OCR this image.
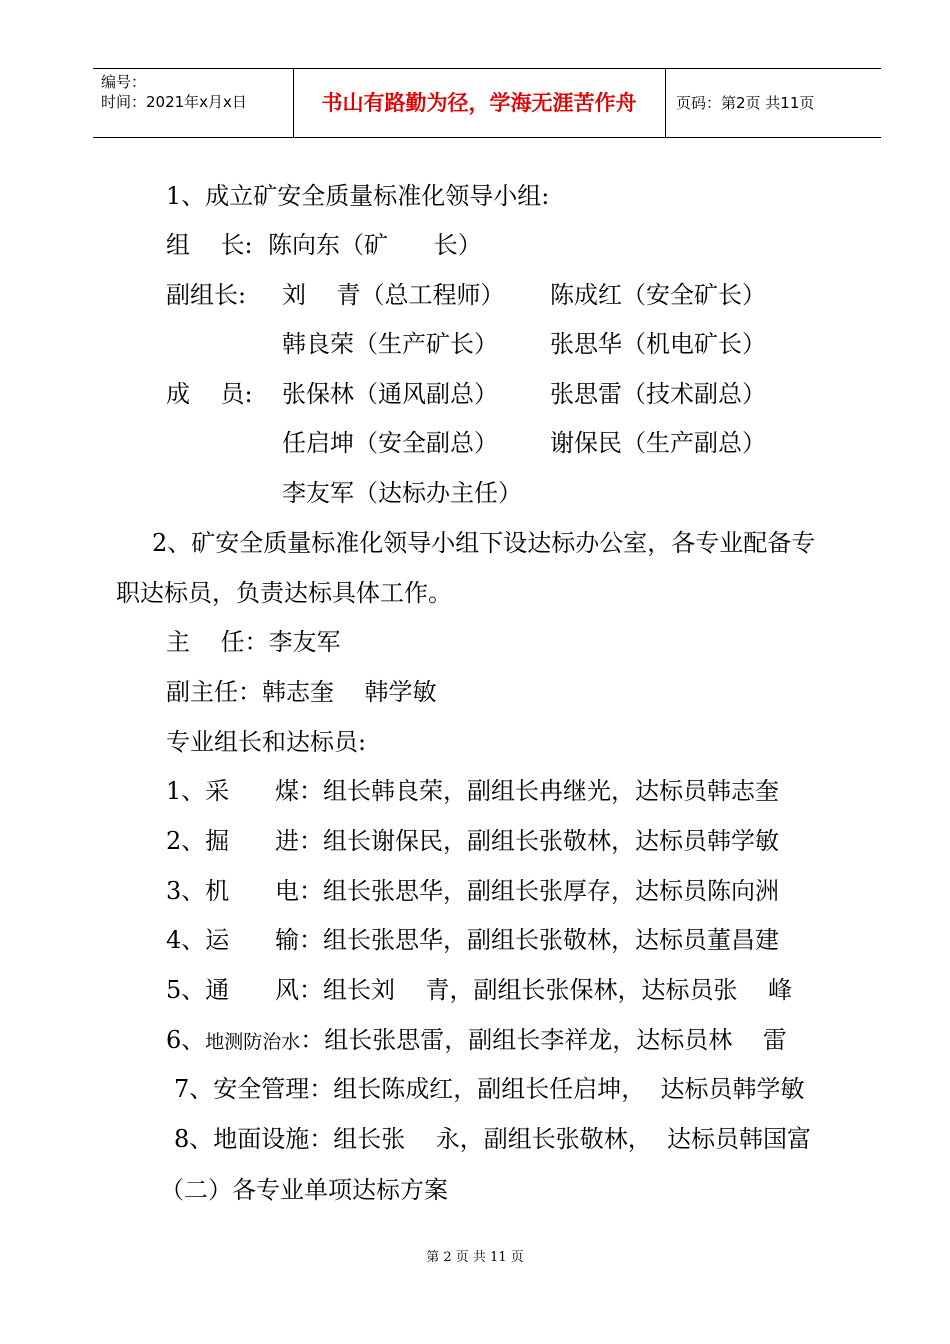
编号：
时间：2021年x月x日	书山有路勤为径，学海无涯苦作舟	页码：第2页 共11页
1、成立矿安全质量标准化领导小组:
组    长: 陈向东（矿      长）
副组长: 刘    青（总工程师） 陈成红（安全矿长）
韩良荣（生产矿长） 张思华（机电矿长）
成    员: 张保林（通风副总） 张思雷（技术副总）
任启坤（安全副总） 谢保民（生产副总）
李友军（达标办主任）
2、矿安全质量标准化领导小组下设达标办公室，各专业配备专
职达标员，负责达标具体工作。
主    任：李友军
副主任：韩志奎    韩学敏
专业组长和达标员:
1、采      煤：组长韩良荣，副组长冉继光，达标员韩志奎
2、掘      进：组长谢保民，副组长张敬林，达标员韩学敏
3、机      电：组长张思华，副组长张厚存，达标员陈向洲
4、运      输：组长张思华，副组长张敬林，达标员董昌建
5、通      风：组长刘    青，副组长张保林，达标员张    峰
6、地测防治水：组长张思雷，副组长李祥龙，达标员林    雷
7、安全管理：组长陈成红，副组长任启坤，  达标员韩学敏
8、地面设施：组长张    永，副组长张敬林，  达标员韩国富
（二）各专业单项达标方案
第 2 页 共 11 页
